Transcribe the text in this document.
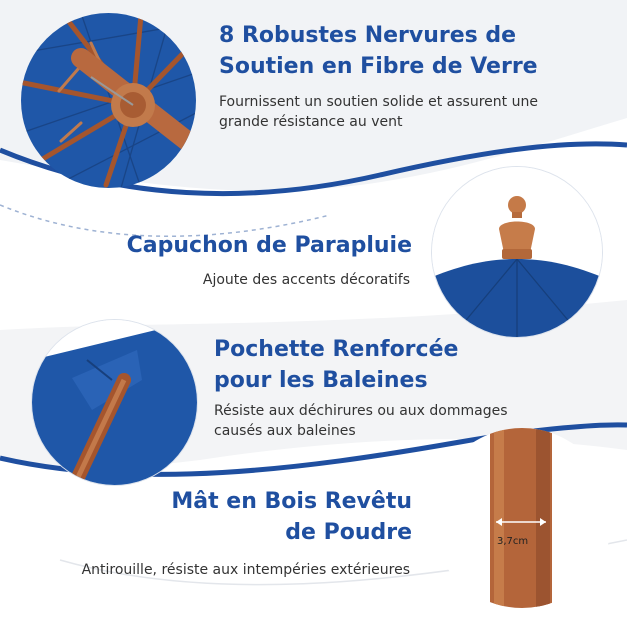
3,7cm
8 Robustes Nervures de
Soutien en Fibre de Verre
Fournissent un soutien solide et assurent une
grande résistance au vent
Capuchon de Parapluie
Ajoute des accents décoratifs
Pochette Renforcée
pour les Baleines
Résiste aux déchirures ou aux dommages
causés aux baleines
Mât en Bois Revêtu
de Poudre
Antirouille, résiste aux intempéries extérieures
